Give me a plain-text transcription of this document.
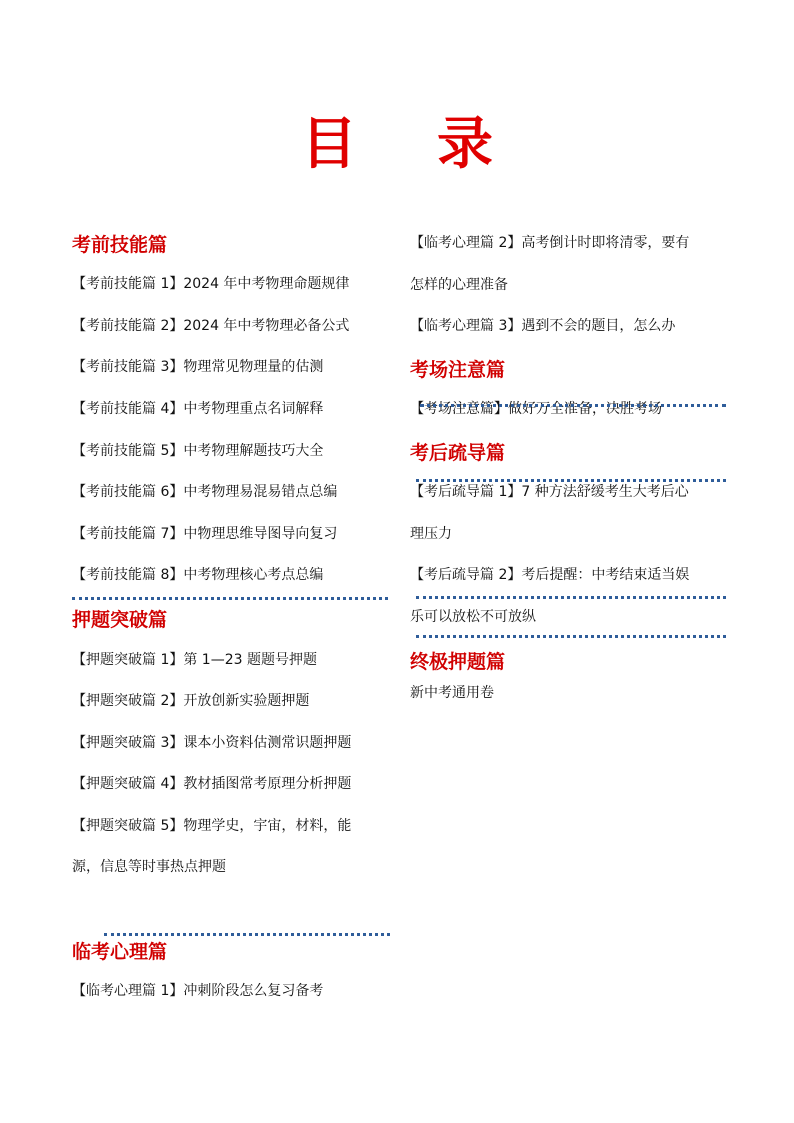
目 录
考前技能篇
【考前技能篇 1】2024 年中考物理命题规律
【考前技能篇 2】2024 年中考物理必备公式
【考前技能篇 3】物理常见物理量的估测
【考前技能篇 4】中考物理重点名词解释
【考前技能篇 5】中考物理解题技巧大全
【考前技能篇 6】中考物理易混易错点总编
【考前技能篇 7】中物理思维导图导向复习
【考前技能篇 8】中考物理核心考点总编
押题突破篇
【押题突破篇 1】第 1—23 题题号押题
【押题突破篇 2】开放创新实验题押题
【押题突破篇 3】课本小资料估测常识题押题
【押题突破篇 4】教材插图常考原理分析押题
【押题突破篇 5】物理学史，宇宙，材料，能
源，信息等时事热点押题
临考心理篇
【临考心理篇 1】冲刺阶段怎么复习备考
【临考心理篇 2】高考倒计时即将清零，要有
怎样的心理准备
【临考心理篇 3】遇到不会的题目，怎么办
考场注意篇
【考场注意篇】做好万全准备，决胜考场
考后疏导篇
【考后疏导篇 1】7 种方法舒缓考生大考后心
理压力
【考后疏导篇 2】考后提醒：中考结束适当娱
乐可以放松不可放纵
终极押题篇
新中考通用卷
